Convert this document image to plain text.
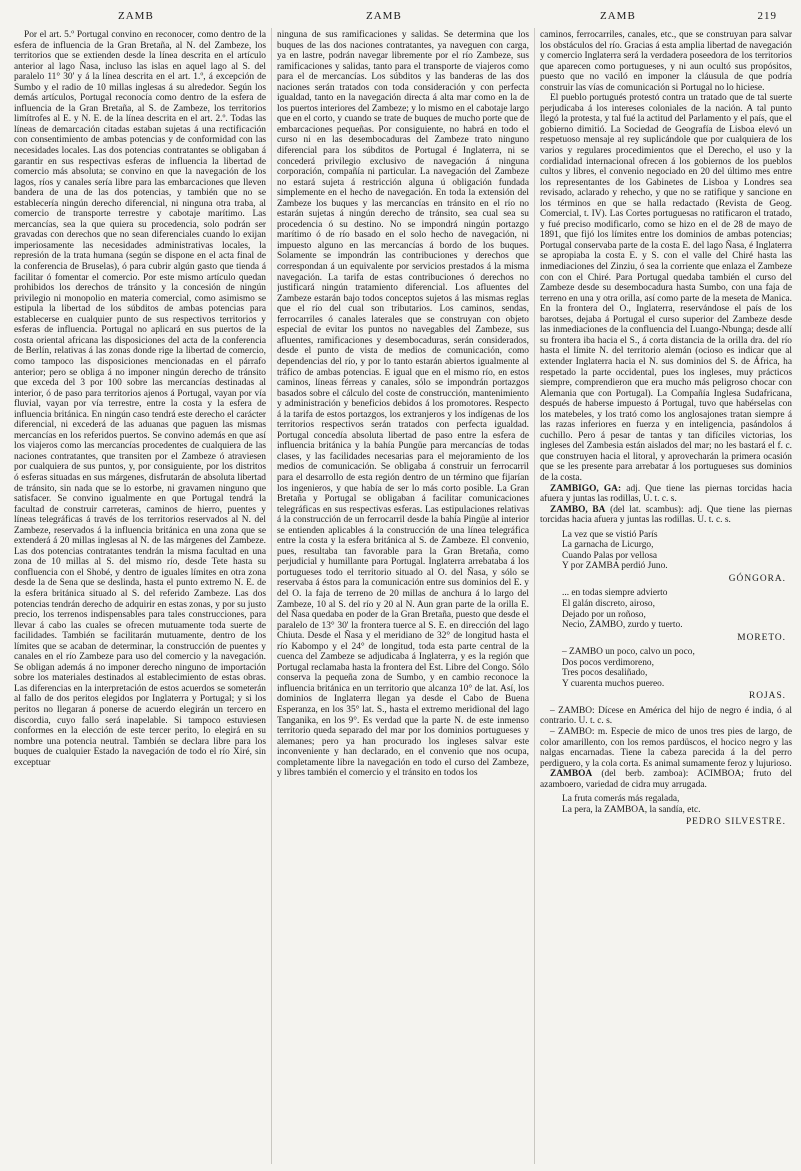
ZAMB	ZAMB	ZAMB	219

Por el art. 5.º Portugal convino en reconocer, como dentro de la esfera de influencia de la Gran Bretaña, al N. del Zambeze, los territorios que se extienden desde la línea descrita en el artículo anterior al lago Ñasa, incluso las islas en aquel lago al S. del paralelo 11° 30' y á la línea descrita en el art. 1.º, á excepción de Sumbo y el radio de 10 millas inglesas á su alrededor. Según los demás artículos, Portugal reconocía como dentro de la esfera de influencia de la Gran Bretaña, al S. de Zambeze, los territorios limítrofes al E. y N. E. de la línea descrita en el art. 2.º. Todas las líneas de demarcación citadas estaban sujetas á una rectificación con consentimiento de ambas potencias y de conformidad con las necesidades locales. Las dos potencias contratantes se obligaban á garantir en sus respectivas esferas de influencia la libertad de comercio más absoluta; se convino en que la navegación de los lagos, ríos y canales sería libre para las embarcaciones que lleven bandera de una de las dos potencias, y también que no se establecería ningún derecho diferencial, ni ninguna otra traba, al comercio de transporte terrestre y cabotaje marítimo. Las mercancías, sea la que quiera su procedencia, solo podrán ser gravadas con derechos que no sean diferenciales cuando lo exijan imperiosamente las necesidades administrativas locales, la represión de la trata humana (según se dispone en el acta final de la conferencia de Bruselas), ó para cubrir algún gasto que tienda á facilitar ó fomentar el comercio. Por este mismo artículo quedan prohibidos los derechos de tránsito y la concesión de ningún privilegio ni monopolio en materia comercial, como asimismo se estipula la libertad de los súbditos de ambas potencias para establecerse en cualquier punto de sus respectivos territorios y esferas de influencia. Portugal no aplicará en sus puertos de la costa oriental africana las disposiciones del acta de la conferencia de Berlín, relativas á las zonas donde rige la libertad de comercio, como tampoco las disposiciones mencionadas en el párrafo anterior; pero se obliga á no imponer ningún derecho de tránsito que exceda del 3 por 100 sobre las mercancías destinadas al interior, ó de paso para territorios ajenos á Portugal, vayan por vía fluvial, vayan por vía terrestre, entre la costa y la esfera de influencia británica. En ningún caso tendrá este derecho el carácter diferencial, ni excederá de las aduanas que paguen las mismas mercancías en los referidos puertos. Se convino además en que así los viajeros como las mercancías procedentes de cualquiera de las naciones contratantes, que transiten por el Zambeze ó atraviesen por cualquiera de sus puntos, y, por consiguiente, por los distritos ó esferas situadas en sus márgenes, disfrutarán de absoluta libertad de tránsito, sin nada que se lo estorbe, ni gravamen ninguno que satisfacer. Se convino igualmente en que Portugal tendrá la facultad de construir carreteras, caminos de hierro, puentes y líneas telegráficas á través de los territorios reservados al N. del Zambeze, reservados á la influencia británica en una zona que se extenderá á 20 millas inglesas al N. de las márgenes del Zambeze. Las dos potencias contratantes tendrán la misma facultad en una zona de 10 millas al S. del mismo río, desde Tete hasta su confluencia con el Shobé, y dentro de iguales límites en otra zona desde la de Sena que se deslinda, hasta el punto extremo N. E. de la esfera británica situado al S. del referido Zambeze. Las dos potencias tendrán derecho de adquirir en estas zonas, y por su justo precio, los terrenos indispensables para tales construcciones, para llevar á cabo las cuales se ofrecen mutuamente toda suerte de facilidades. También se facilitarán mutuamente, dentro de los límites que se acaban de determinar, la construcción de puentes y canales en el río Zambeze para uso del comercio y la navegación. Se obligan además á no imponer derecho ninguno de importación sobre los materiales destinados al establecimiento de estas obras. Las diferencias en la interpretación de estos acuerdos se someterán al fallo de dos peritos elegidos por Inglaterra y Portugal; y si los peritos no llegaran á ponerse de acuerdo elegirán un tercero en discordia, cuyo fallo será inapelable. Si tampoco estuviesen conformes en la elección de este tercer perito, lo elegirá en su nombre una potencia neutral. También se declara libre para los buques de cualquier Estado la navegación de todo el río Xiré, sin exceptuar

ninguna de sus ramificaciones y salidas. Se determina que los buques de las dos naciones contratantes, ya naveguen con carga, ya en lastre, podrán navegar libremente por el río Zambeze, sus ramificaciones y salidas, tanto para el transporte de viajeros como para el de mercancías. Los súbditos y las banderas de las dos naciones serán tratados con toda consideración y con perfecta igualdad, tanto en la navegación directa á alta mar como en la de los puertos interiores del Zambeze; y lo mismo en el cabotaje largo que en el corto, y cuando se trate de buques de mucho porte que de embarcaciones pequeñas. Por consiguiente, no habrá en todo el curso ni en las desembocaduras del Zambeze trato ninguno diferencial para los súbditos de Portugal é Inglaterra, ni se concederá privilegio exclusivo de navegación á ninguna corporación, compañía ni particular. La navegación del Zambeze no estará sujeta á restricción alguna ú obligación fundada simplemente en el hecho de navegación. En toda la extensión del Zambeze los buques y las mercancías en tránsito en el río no estarán sujetas á ningún derecho de tránsito, sea cual sea su procedencia ó su destino. No se impondrá ningún portazgo marítimo ó de río basado en el solo hecho de navegación, ni impuesto alguno en las mercancías á bordo de los buques. Solamente se impondrán las contribuciones y derechos que correspondan á un equivalente por servicios prestados á la misma navegación. La tarifa de estas contribuciones ó derechos no justificará ningún tratamiento diferencial. Los afluentes del Zambeze estarán bajo todos conceptos sujetos á las mismas reglas que el río del cual son tributarios. Los caminos, sendas, ferrocarriles ó canales laterales que se construyan con objeto especial de evitar los puntos no navegables del Zambeze, sus afluentes, ramificaciones y desembocaduras, serán considerados, desde el punto de vista de medios de comunicación, como dependencias del río, y por lo tanto estarán abiertos igualmente al tráfico de ambas potencias. E igual que en el mismo río, en estos caminos, líneas férreas y canales, sólo se impondrán portazgos basados sobre el cálculo del coste de construcción, mantenimiento y administración y beneficios debidos á los promotores. Respecto á la tarifa de estos portazgos, los extranjeros y los indígenas de los territorios respectivos serán tratados con perfecta igualdad. Portugal concedía absoluta libertad de paso entre la esfera de influencia británica y la bahía Pungüe para mercancías de todas clases, y las facilidades necesarias para el mejoramiento de los medios de comunicación. Se obligaba á construir un ferrocarril para el desarrollo de esta región dentro de un término que fijarían los ingenieros, y que había de ser lo más corto posible. La Gran Bretaña y Portugal se obligaban á facilitar comunicaciones telegráficas en sus respectivas esferas. Las estipulaciones relativas á la construcción de un ferrocarril desde la bahía Pingüe al interior se entienden aplicables á la construcción de una línea telegráfica entre la costa y la esfera británica al S. de Zambeze. El convenio, pues, resultaba tan favorable para la Gran Bretaña, como perjudicial y humillante para Portugal. Inglaterra arrebataba á los portugueses todo el territorio situado al O. del Ñasa, y sólo se reservaba á éstos para la comunicación entre sus dominios del E. y del O. la faja de terreno de 20 millas de anchura á lo largo del Zambeze, 10 al S. del río y 20 al N. Aun gran parte de la orilla E. del Ñasa quedaba en poder de la Gran Bretaña, puesto que desde el paralelo de 13° 30' la frontera tuerce al S. E. en dirección del lago Chiuta. Desde el Ñasa y el meridiano de 32° de longitud hasta el río Kabompo y el 24° de longitud, toda esta parte central de la cuenca del Zambeze se adjudicaba á Inglaterra, y es la región que Portugal reclamaba hasta la frontera del Est. Libre del Congo. Sólo conserva la pequeña zona de Sumbo, y en cambio reconoce la influencia británica en un territorio que alcanza 10° de lat. Así, los dominios de Inglaterra llegan ya desde el Cabo de Buena Esperanza, en los 35° lat. S., hasta el extremo meridional del lago Tanganika, en los 9°. Es verdad que la parte N. de este inmenso territorio queda separado del mar por los dominios portugueses y alemanes; pero ya han procurado los ingleses salvar este inconveniente y han declarado, en el convenio que nos ocupa, completamente libre la navegación en todo el curso del Zambeze, y libres también el comercio y el tránsito en todos los

caminos, ferrocarriles, canales, etc., que se construyan para salvar los obstáculos del río. Gracias á esta amplia libertad de navegación y comercio Inglaterra será la verdadera poseedora de los territorios que aparecen como portugueses, y ni aun ocultó sus propósitos, puesto que no vaciló en imponer la cláusula de que podría construir las vías de comunicación si Portugal no lo hiciese.

El pueblo portugués protestó contra un tratado que de tal suerte perjudicaba á los intereses coloniales de la nación. A tal punto llegó la protesta, y tal fué la actitud del Parlamento y el país, que el gobierno dimitió. La Sociedad de Geografía de Lisboa elevó un respetuoso mensaje al rey suplicándole que por cualquiera de los varios y regulares procedimientos que el Derecho, el uso y la cordialidad internacional ofrecen á los gobiernos de los pueblos cultos y libres, el convenio negociado en 20 del último mes entre los representantes de los Gabinetes de Lisboa y Londres sea revisado, aclarado y rehecho, y que no se ratifique y sancione en los términos en que se halla redactado (Revista de Geog. Comercial, t. IV). Las Cortes portuguesas no ratificaron el tratado, y fué preciso modificarlo, como se hizo en el de 28 de mayo de 1891, que fijó los límites entre los dominios de ambas potencias; Portugal conservaba parte de la costa E. del lago Ñasa, é Inglaterra se apropiaba la costa E. y S. con el valle del Chiré hasta las inmediaciones del Zinziu, ó sea la corriente que enlaza el Zambeze con con el Chiré. Para Portugal quedaba también el curso del Zambeze desde su desembocadura hasta Sumbo, con una faja de terreno en una y otra orilla, así como parte de la meseta de Manica. En la frontera del O., Inglaterra, reservándose el país de los barotses, dejaba á Portugal el curso superior del Zambeze desde las inmediaciones de la confluencia del Luango-Nbunga; desde allí su frontera iba hacia el S., á corta distancia de la orilla dra. del río hasta el límite N. del territorio alemán (ocioso es indicar que al extender Inglaterra hacia el N. sus dominios del S. de África, ha respetado la parte occidental, pues los ingleses, muy prácticos siempre, comprendieron que era mucho más peligroso chocar con Alemania que con Portugal). La Compañía Inglesa Sudafricana, después de haberse impuesto á Portugal, tuvo que habérselas con los matebeles, y los trató como los anglosajones tratan siempre á las razas inferiores en fuerza y en inteligencia, pasándolos á cuchillo. Pero á pesar de tantas y tan difíciles victorias, los ingleses del Zambesia están aislados del mar; no les bastará el f. c. que construyen hacia el litoral, y aprovecharán la primera ocasión que se les presente para arrebatar á los portugueses sus dominios de la costa.

ZAMBIGO, GA: adj. Que tiene las piernas torcidas hacia afuera y juntas las rodillas, U. t. c. s.

ZAMBO, BA (del lat. scambus): adj. Que tiene las piernas torcidas hacia afuera y juntas las rodillas. U. t. c. s.

La vez que se vistió París
La garnacha de Licurgo,
Cuando Palas por vellosa
Y por ZAMBA perdió Juno.
GÓNGORA.
... en todas siempre advierto
El galán discreto, airoso,
Dejado por un roñoso,
Necio, ZAMBO, zurdo y tuerto.
MORETO.
– ZAMBO un poco, calvo un poco,
Dos pocos verdimoreno,
Tres pocos desaliñado,
Y cuarenta muchos puereo.
ROJAS.

– ZAMBO: Dícese en América del hijo de negro é india, ó al contrario. U. t. c. s.

– ZAMBO: m. Especie de mico de unos tres pies de largo, de color amarillento, con los remos pardüscos, el hocico negro y las nalgas encarnadas. Tiene la cabeza parecida á la del perro perdiguero, y la cola corta. Es animal sumamente feroz y lujurioso.

ZAMBOA (del berb. zamboa): ACIMBOA; fruto del azamboero, variedad de cidra muy arrugada.

La fruta comerás más regalada,
La pera, la ZAMBOA, la sandía, etc.
PEDRO SILVESTRE.
